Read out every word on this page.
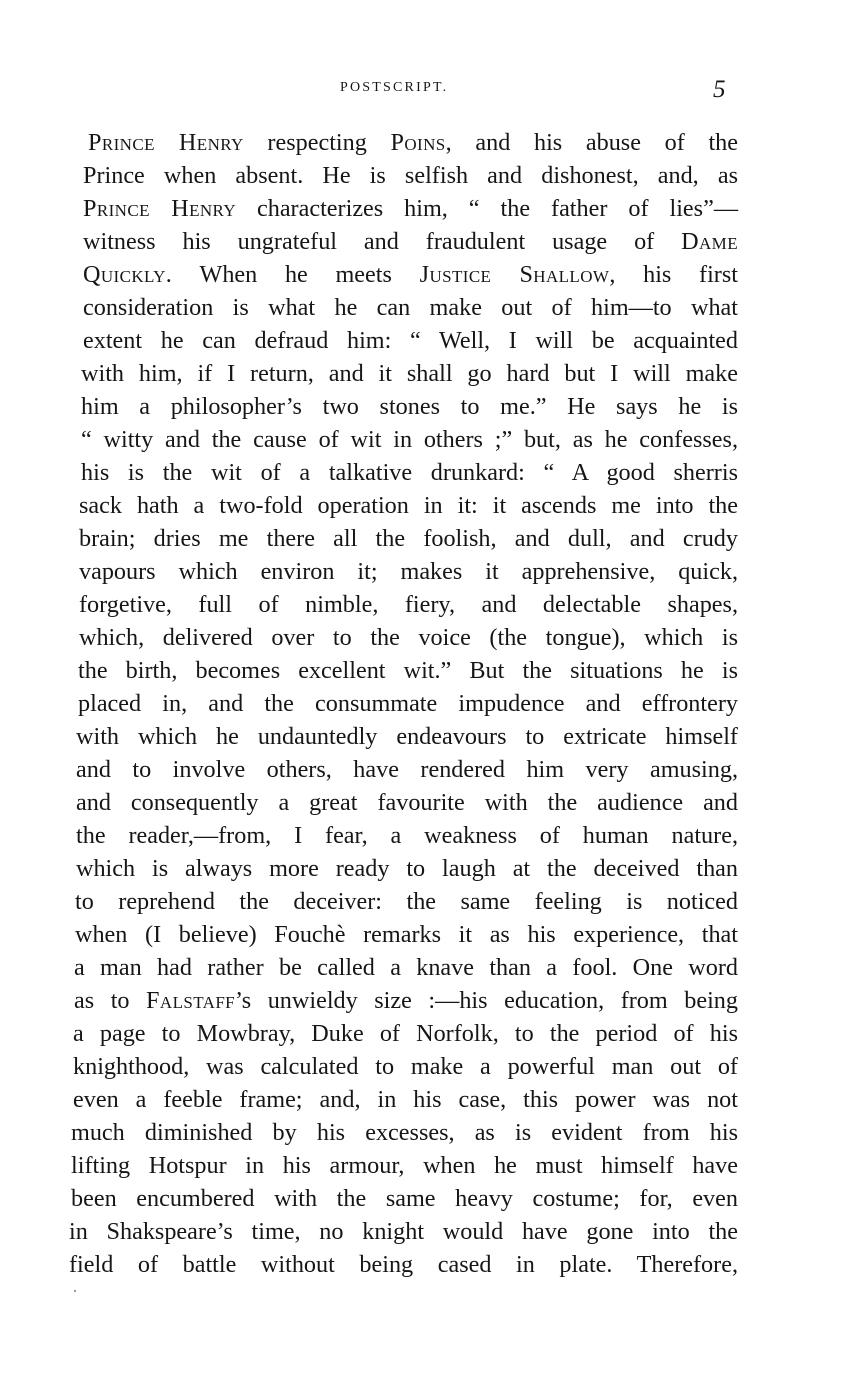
POSTSCRIPT.	5
Prince Henry respecting Poins, and his abuse of the
Prince when absent. He is selfish and dishonest, and, as
Prince Henry characterizes him, “ the father of lies”—
witness his ungrateful and fraudulent usage of Dame
Quickly. When he meets Justice Shallow, his first
consideration is what he can make out of him—to what
extent he can defraud him: “ Well, I will be acquainted
with him, if I return, and it shall go hard but I will make
him a philosopher’s two stones to me.” He says he is
“ witty and the cause of wit in others ;” but, as he confesses,
his is the wit of a talkative drunkard: “ A good sherris
sack hath a two-fold operation in it: it ascends me into the
brain; dries me there all the foolish, and dull, and crudy
vapours which environ it; makes it apprehensive, quick,
forgetive, full of nimble, fiery, and delectable shapes,
which, delivered over to the voice (the tongue), which is
the birth, becomes excellent wit.” But the situations he is
placed in, and the consummate impudence and effrontery
with which he undauntedly endeavours to extricate himself
and to involve others, have rendered him very amusing,
and consequently a great favourite with the audience and
the reader,—from, I fear, a weakness of human nature,
which is always more ready to laugh at the deceived than
to reprehend the deceiver: the same feeling is noticed
when (I believe) Fouchè remarks it as his experience, that
a man had rather be called a knave than a fool. One word
as to Falstaff’s unwieldy size :—his education, from being
a page to Mowbray, Duke of Norfolk, to the period of his
knighthood, was calculated to make a powerful man out of
even a feeble frame; and, in his case, this power was not
much diminished by his excesses, as is evident from his
lifting Hotspur in his armour, when he must himself have
been encumbered with the same heavy costume; for, even
in Shakspeare’s time, no knight would have gone into the
field of battle without being cased in plate. Therefore,
